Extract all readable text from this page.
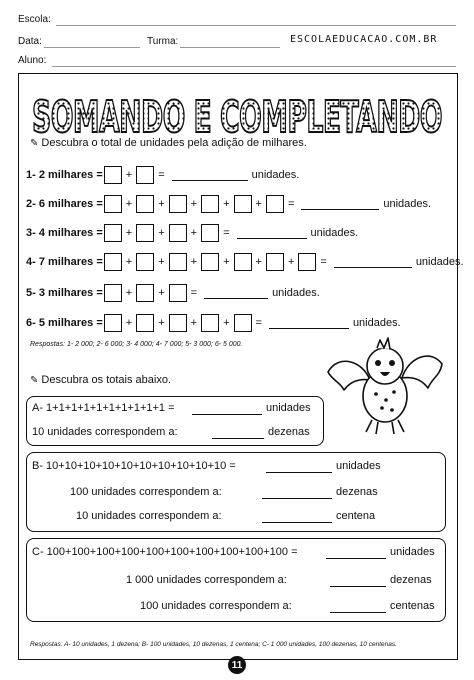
Escola:
Data:	Turma:	ESCOLAEDUCACAO.COM.BR
Aluno:
SOMANDO E COMPLETANDO
✎ Descubra o total de unidades pela adição de milhares.
1- 2 milhares = + =	unidades.
2- 6 milhares = + + + + + =	unidades.
3- 4 milhares = + + + =	unidades.
4- 7 milhares = + + + + + + =	unidades.
5- 3 milhares = + + =	unidades.
6- 5 milhares = + + + + =	unidades.
Respostas: 1- 2 000; 2- 6 000; 3- 4 000; 4- 7 000; 5- 3 000; 6- 5 000.
✎ Descubra os totais abaixo.
A- 1+1+1+1+1+1+1+1+1+1 =	unidades
10 unidades correspondem a:	dezenas
B- 10+10+10+10+10+10+10+10+10+10 =	unidades
100 unidades correspondem a:	dezenas
10 unidades correspondem a:	centena
C- 100+100+100+100+100+100+100+100+100+100 =	unidades
1 000 unidades correspondem a:	dezenas
100 unidades correspondem a:	centenas
Respostas: A- 10 unidades, 1 dezena; B- 100 unidades, 10 dezenas, 1 centena; C- 1 000 unidades, 100 dezenas, 10 centenas.
11
